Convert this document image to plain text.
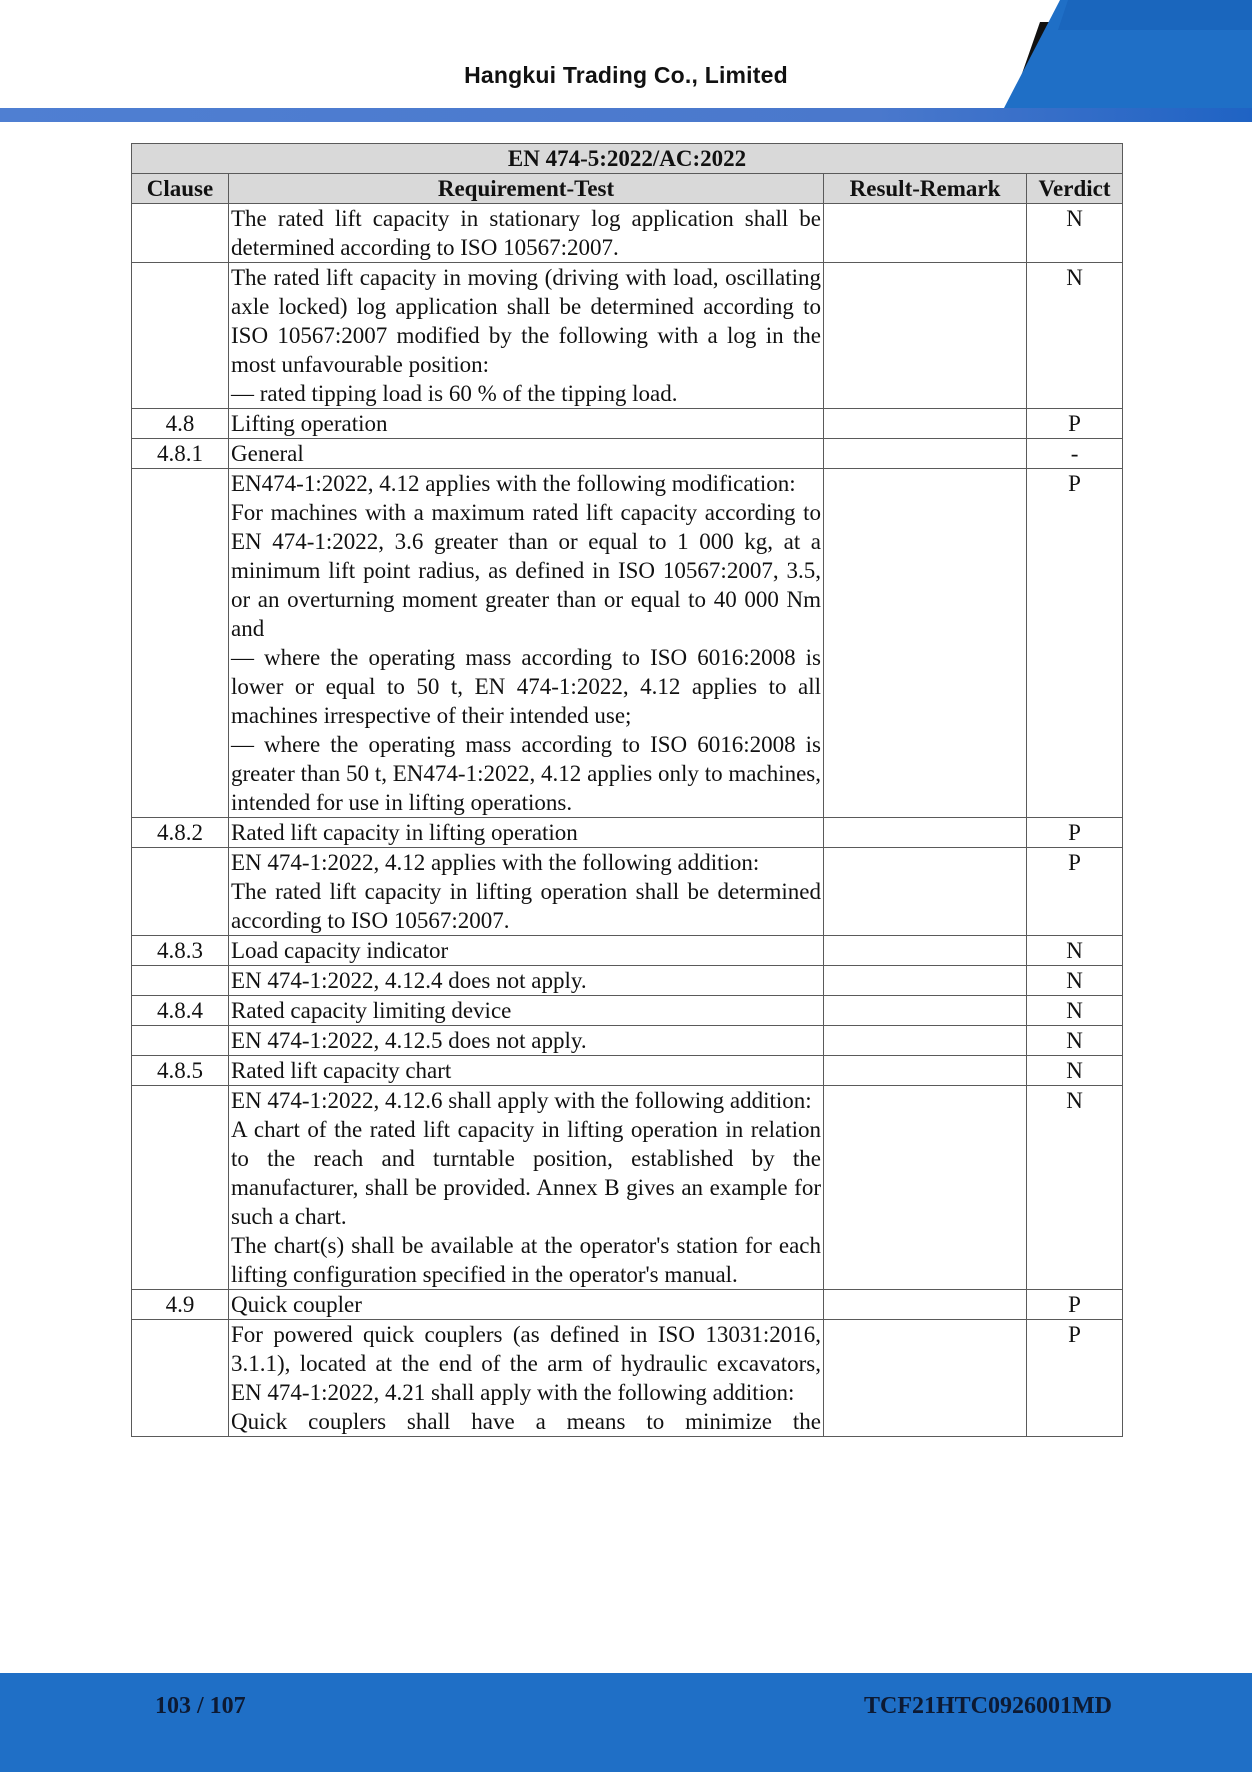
Hangkui Trading Co., Limited
EN 474-5:2022/AC:2022			
Clause	Requirement-Test	Result-Remark	Verdict

	The rated lift capacity in stationary log application shall be determined according to ISO 10567:2007.		N

	The rated lift capacity in moving (driving with load, oscillating axle locked) log application shall be determined according to ISO 10567:2007 modified by the following with a log in the most unfavourable position:

— rated tipping load is 60 % of the tipping load.		N
4.8	Lifting operation		P
4.8.1	General		-

	EN474-1:2022, 4.12 applies with the following modification:

For machines with a maximum rated lift capacity according to EN 474-1:2022, 3.6 greater than or equal to 1 000 kg, at a minimum lift point radius, as defined in ISO 10567:2007, 3.5, or an overturning moment greater than or equal to 40 000 Nm and

— where the operating mass according to ISO 6016:2008 is lower or equal to 50 t, EN 474-1:2022, 4.12 applies to all machines irrespective of their intended use;

— where the operating mass according to ISO 6016:2008 is greater than 50 t, EN474-1:2022, 4.12 applies only to machines, intended for use in lifting operations.		P
4.8.2	Rated lift capacity in lifting operation		P

	EN 474-1:2022, 4.12 applies with the following addition:

The rated lift capacity in lifting operation shall be determined according to ISO 10567:2007.		P
4.8.3	Load capacity indicator		N

	EN 474-1:2022, 4.12.4 does not apply.		N
4.8.4	Rated capacity limiting device		N

	EN 474-1:2022, 4.12.5 does not apply.		N
4.8.5	Rated lift capacity chart		N

	EN 474-1:2022, 4.12.6 shall apply with the following addition:

A chart of the rated lift capacity in lifting operation in relation to the reach and turntable position, established by the manufacturer, shall be provided. Annex B gives an example for such a chart.

The chart(s) shall be available at the operator's station for each lifting configuration specified in the operator's manual.		N
4.9	Quick coupler		P

	For powered quick couplers (as defined in ISO 13031:2016, 3.1.1), located at the end of the arm of hydraulic excavators, EN 474-1:2022, 4.21 shall apply with the following addition:

Quick couplers shall have a means to minimize the		P
103 / 107	TCF21HTC0926001MD
